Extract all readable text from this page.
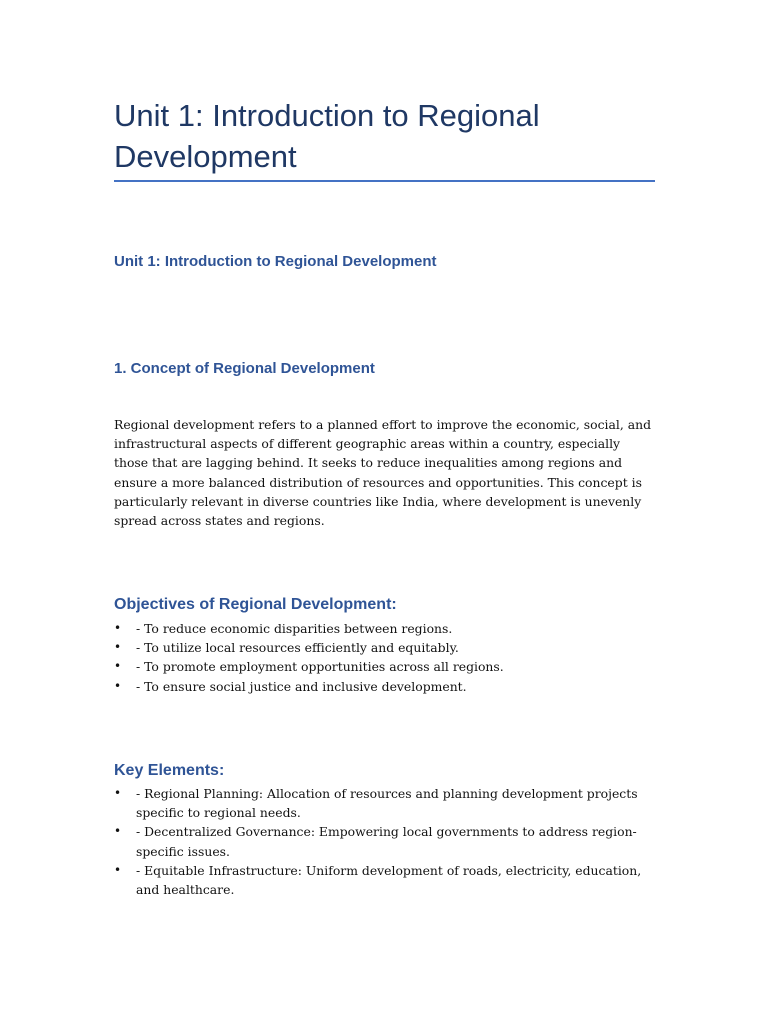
Unit 1: Introduction to Regional Development
Unit 1: Introduction to Regional Development
1. Concept of Regional Development

Regional development refers to a planned effort to improve the economic, social, and infrastructural aspects of different geographic areas within a country, especially those that are lagging behind. It seeks to reduce inequalities among regions and ensure a more balanced distribution of resources and opportunities. This concept is particularly relevant in diverse countries like India, where development is unevenly spread across states and regions.

Objectives of Regional Development:
• - To reduce economic disparities between regions.
• - To utilize local resources efficiently and equitably.
• - To promote employment opportunities across all regions.
• - To ensure social justice and inclusive development.
Key Elements:
• - Regional Planning: Allocation of resources and planning development projects specific to regional needs.
• - Decentralized Governance: Empowering local governments to address region-specific issues.
• - Equitable Infrastructure: Uniform development of roads, electricity, education, and healthcare.
